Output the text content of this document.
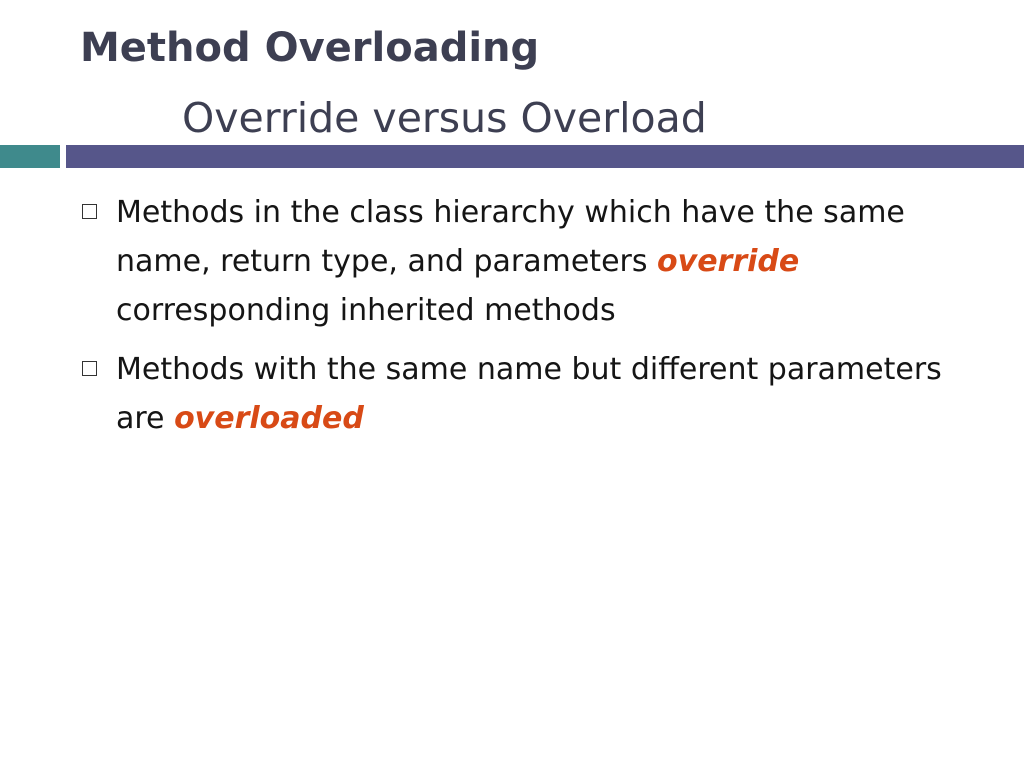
Method Overloading
Override versus Overload
Methods in the class hierarchy which have the same name, return type, and parameters override corresponding inherited methods
Methods with the same name but different parameters are overloaded
